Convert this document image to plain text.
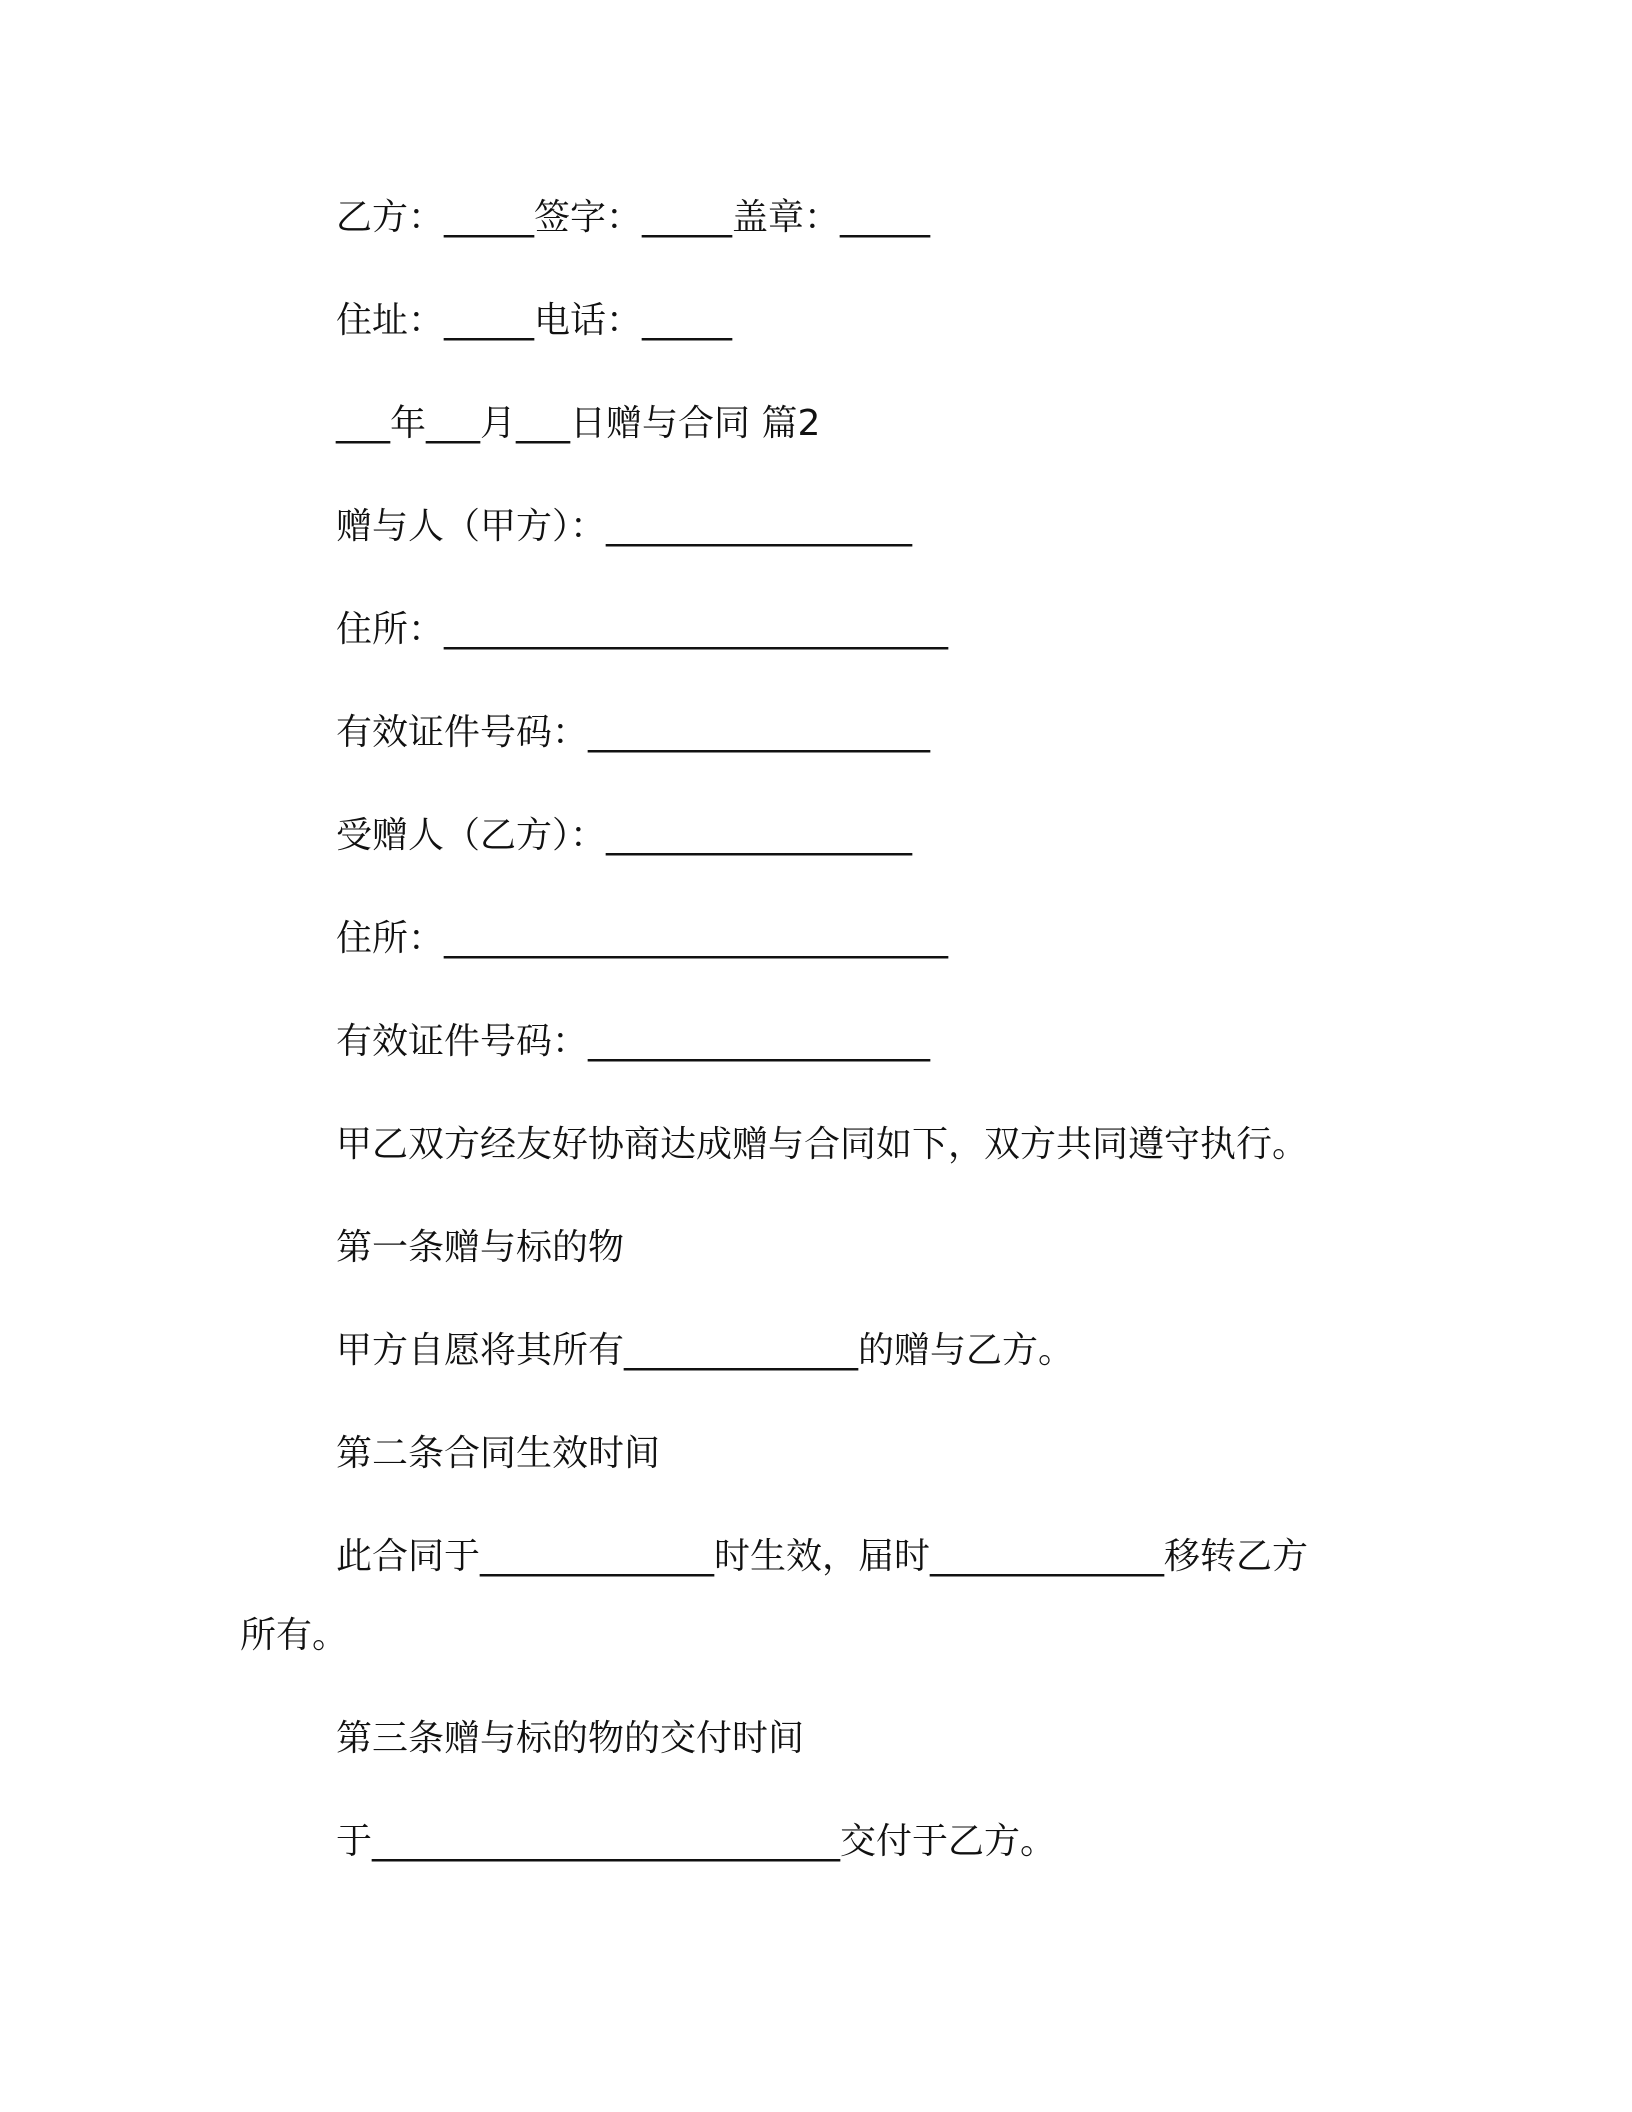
乙方：_____签字：_____盖章：_____
住址：_____电话：_____
___年___月___日赠与合同 篇2
赠与人（甲方）：_________________
住所：____________________________
有效证件号码：___________________
受赠人（乙方）：_________________
住所：____________________________
有效证件号码：___________________
甲乙双方经友好协商达成赠与合同如下，双方共同遵守执行。
第一条赠与标的物
甲方自愿将其所有_____________的赠与乙方。
第二条合同生效时间
此合同于_____________时生效，届时_____________移转乙方
所有。
第三条赠与标的物的交付时间
于__________________________交付于乙方。
